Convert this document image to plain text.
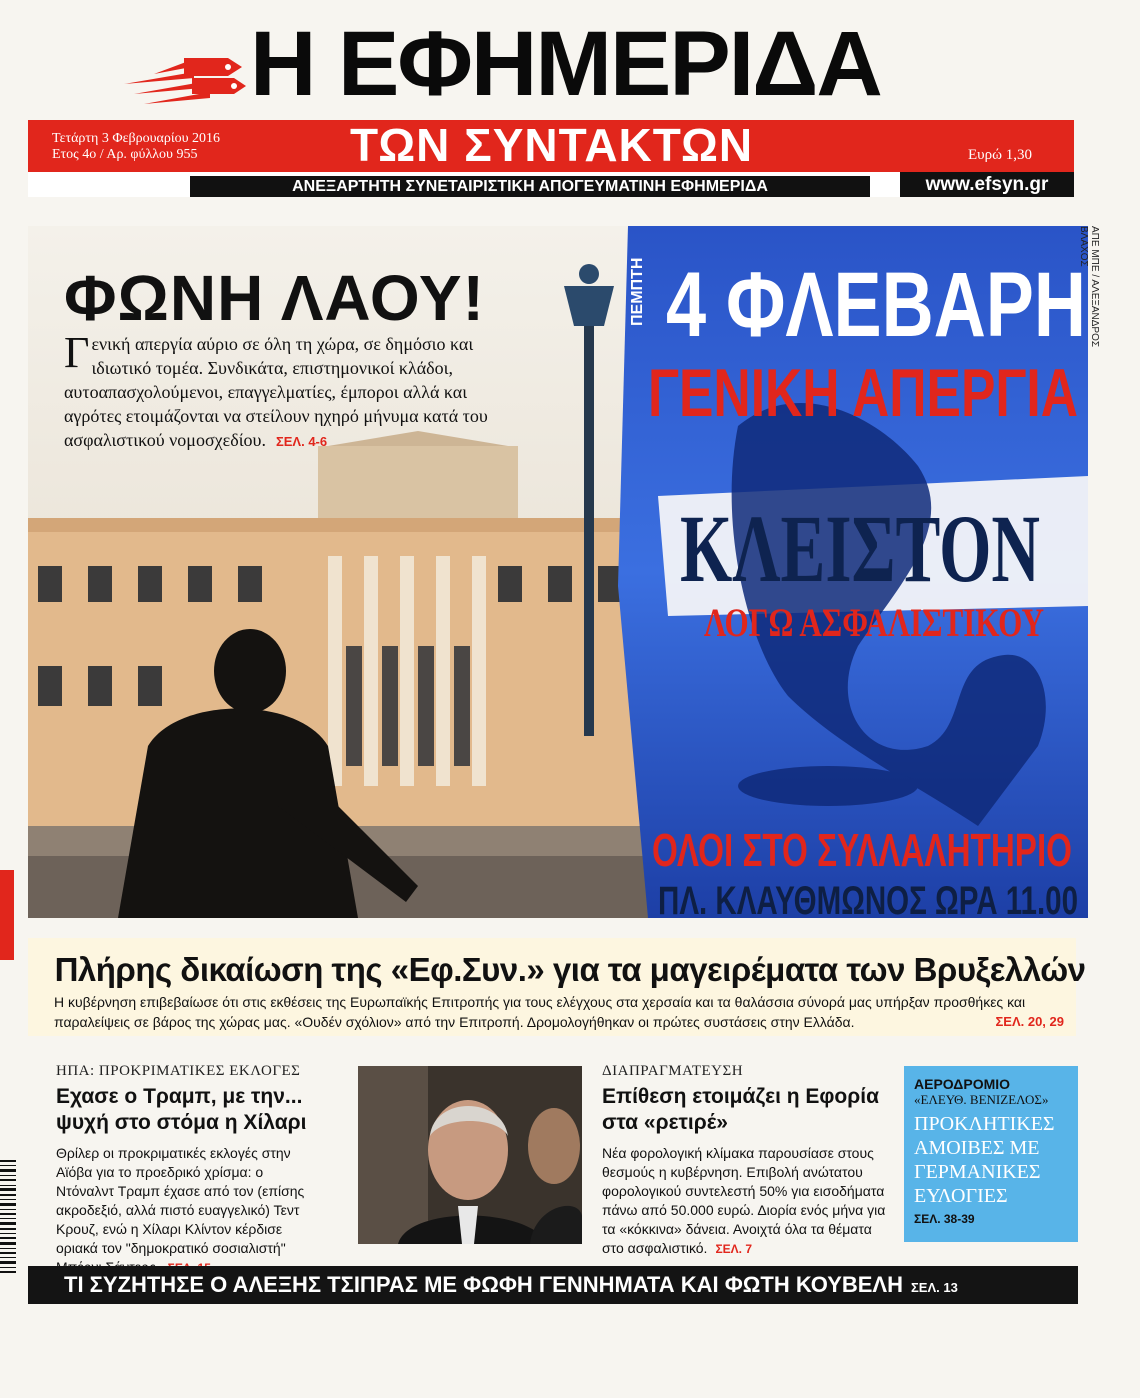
Η ΕΦΗΜΕΡΙΔΑ
Τετάρτη 3 Φεβρουαρίου 2016
Ετος 4ο / Αρ. φύλλου 955	ΤΩΝ ΣΥΝΤΑΚΤΩΝ	Ευρώ 1,30
ΑΝΕΞΑΡΤΗΤΗ ΣΥΝΕΤΑΙΡΙΣΤΙΚΗ ΑΠΟΓΕΥΜΑΤΙΝΗ ΕΦΗΜΕΡΙΔΑ	www.efsyn.gr
ΦΩΝΗ ΛΑΟΥ!
Γενική απεργία αύριο σε όλη τη χώρα, σε δημόσιο και ιδιωτικό τομέα. Συνδικάτα, επιστημονικοί κλάδοι, αυτοαπασχολούμενοι, επαγγελματίες, έμποροι αλλά και αγρότες ετοιμάζονται να στείλουν ηχηρό μήνυμα κατά του ασφαλιστικού νομοσχεδίου. ΣΕΛ. 4-6
ΠΕΜΠΤΗ 4 ΦΛΕΒΑΡΗ
ΓΕΝΙΚΗ ΑΠΕΡΓΙΑ
ΚΛΕΙΣΤΟΝ
ΛΟΓΩ ΑΣΦΑΛΙΣΤΙΚΟΥ
ΟΛΟΙ ΣΤΟ ΣΥΛΛΑΛΗΤΗΡΙΟ
ΠΛ. ΚΛΑΥΘΜΩΝΟΣ ΩΡΑ 11.00
ΑΠΕ ΜΠΕ / ΑΛΕΞΑΝΔΡΟΣ ΒΛΑΧΟΣ
Πλήρης δικαίωση της «Εφ.Συν.» για τα μαγειρέματα των Βρυξελλών
Η κυβέρνηση επιβεβαίωσε ότι στις εκθέσεις της Ευρωπαϊκής Επιτροπής για τους ελέγχους στα χερσαία και τα θαλάσσια σύνορά μας υπήρξαν προσθήκες και παραλείψεις σε βάρος της χώρας μας. «Ουδέν σχόλιον» από την Επιτροπή. Δρομολογήθηκαν οι πρώτες συστάσεις στην Ελλάδα.	ΣΕΛ. 20, 29
ΗΠΑ: ΠΡΟΚΡΙΜΑΤΙΚΕΣ ΕΚΛΟΓΕΣ
Εχασε ο Τραμπ, με την... ψυχή στο στόμα η Χίλαρι
Θρίλερ οι προκριματικές εκλογές στην Αϊόβα για το προεδρικό χρίσμα: ο Ντόναλντ Τραμπ έχασε από τον (επίσης ακροδεξιό, αλλά πιστό ευαγγελικό) Τεντ Κρουζ, ενώ η Χίλαρι Κλίντον κέρδισε οριακά τον "δημοκρατικό σοσιαλιστή"
ΔΙΑΠΡΑΓΜΑΤΕΥΣΗ
Επίθεση ετοιμάζει η Εφορία στα «ρετιρέ»
Νέα φορολογική κλίμακα παρουσίασε στους θεσμούς η κυβέρνηση. Επιβολή ανώτατου φορολογικού συντελεστή 50% για εισοδήματα πάνω από 50.000 ευρώ. Διορία ενός μήνα για τα «κόκκινα» δάνεια. Ανοιχτά όλα τα θέματα στο ασφαλιστικό. ΣΕΛ. 7
ΑΕΡΟΔΡΟΜΙΟ
«ΕΛΕΥΘ. ΒΕΝΙΖΕΛΟΣ»
ΠΡΟΚΛΗΤΙΚΕΣ ΑΜΟΙΒΕΣ ΜΕ ΓΕΡΜΑΝΙΚΕΣ ΕΥΛΟΓΙΕΣ
ΣΕΛ. 38-39
ΤΙ ΣΥΖΗΤΗΣΕ Ο ΑΛΕΞΗΣ ΤΣΙΠΡΑΣ ΜΕ ΦΩΦΗ ΓΕΝΝΗΜΑΤΑ ΚΑΙ ΦΩΤΗ ΚΟΥΒΕΛΗ ΣΕΛ. 13
